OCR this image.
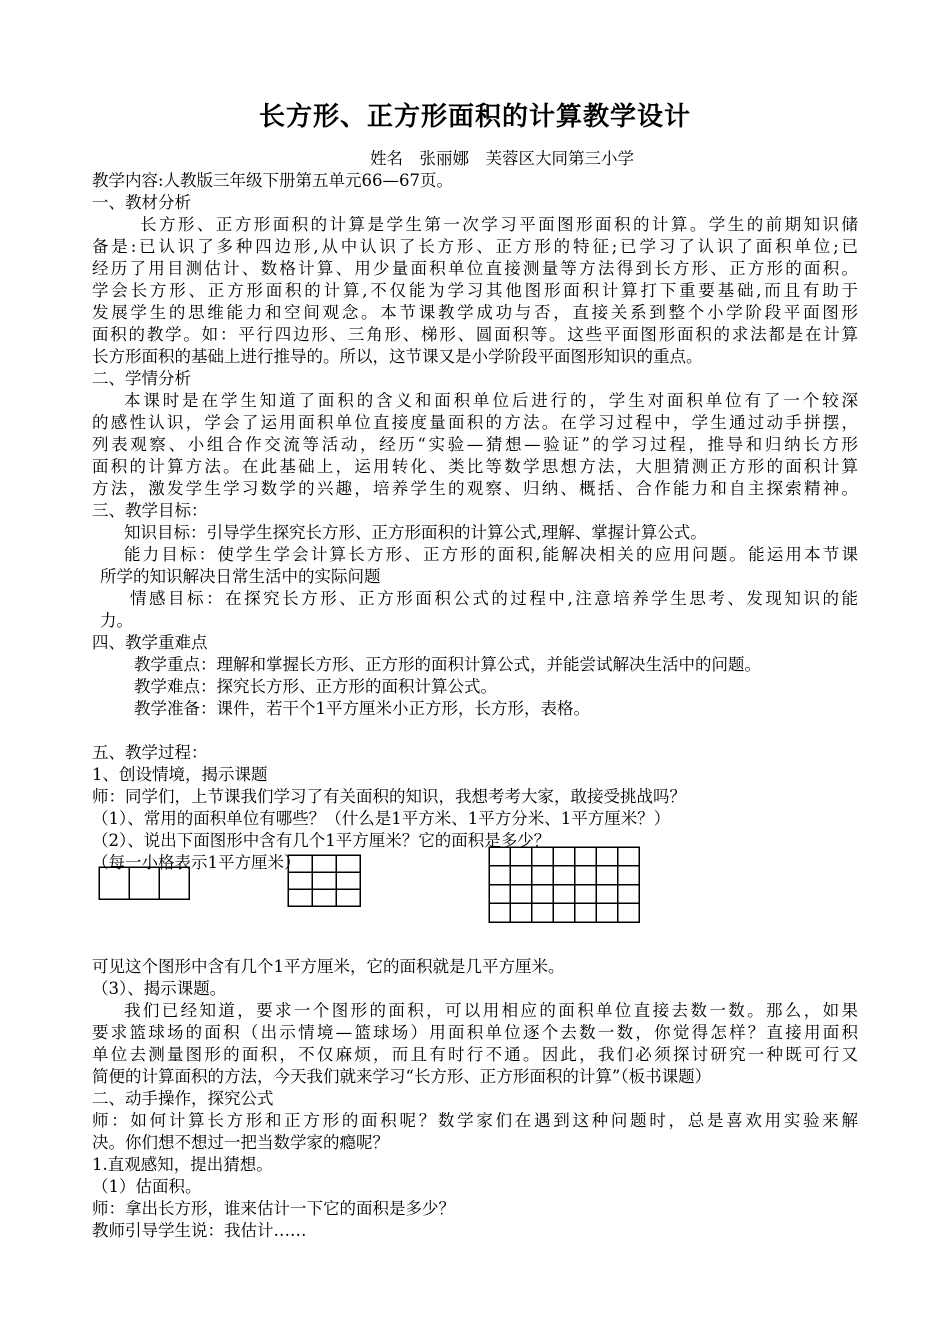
长方形、正方形面积的计算教学设计
姓名　张丽娜　芙蓉区大同第三小学
教学内容:人教版三年级下册第五单元66—67页。
一、教材分析
长方形、正方形面积的计算是学生第一次学习平面图形面积的计算。学生的前期知识储
备是:已认识了多种四边形,从中认识了长方形、正方形的特征;已学习了认识了面积单位;已
经历了用目测估计、数格计算、用少量面积单位直接测量等方法得到长方形、正方形的面积。
学会长方形、正方形面积的计算,不仅能为学习其他图形面积计算打下重要基础,而且有助于
发展学生的思维能力和空间观念。本节课教学成功与否，直接关系到整个小学阶段平面图形
面积的教学。如：平行四边形、三角形、梯形、圆面积等。这些平面图形面积的求法都是在计算
长方形面积的基础上进行推导的。所以，这节课又是小学阶段平面图形知识的重点。
二、学情分析
本课时是在学生知道了面积的含义和面积单位后进行的，学生对面积单位有了一个较深
的感性认识，学会了运用面积单位直接度量面积的方法。在学习过程中，学生通过动手拼摆，
列表观察、小组合作交流等活动，经历“实验—猜想—验证”的学习过程，推导和归纳长方形
面积的计算方法。在此基础上，运用转化、类比等数学思想方法，大胆猜测正方形的面积计算
方法，激发学生学习数学的兴趣，培养学生的观察、归纳、概括、合作能力和自主探索精神。
三、教学目标：
知识目标：引导学生探究长方形、正方形面积的计算公式,理解、掌握计算公式。
能力目标：使学生学会计算长方形、正方形的面积,能解决相关的应用问题。能运用本节课
所学的知识解决日常生活中的实际问题
情感目标：在探究长方形、正方形面积公式的过程中,注意培养学生思考、发现知识的能
力。
四、教学重难点
教学重点：理解和掌握长方形、正方形的面积计算公式，并能尝试解决生活中的问题。
教学难点：探究长方形、正方形的面积计算公式。
教学准备：课件，若干个1平方厘米小正方形，长方形，表格。
五、教学过程：
1、创设情境，揭示课题
师：同学们，上节课我们学习了有关面积的知识，我想考考大家，敢接受挑战吗？
（1）、常用的面积单位有哪些？（什么是1平方米、1平方分米、1平方厘米？）
（2）、说出下面图形中含有几个1平方厘米？它的面积是多少？
（每一小格表示1平方厘米）
可见这个图形中含有几个1平方厘米，它的面积就是几平方厘米。
（3）、揭示课题。
我们已经知道，要求一个图形的面积，可以用相应的面积单位直接去数一数。那么，如果
要求篮球场的面积（出示情境—篮球场）用面积单位逐个去数一数，你觉得怎样？直接用面积
单位去测量图形的面积，不仅麻烦，而且有时行不通。因此，我们必须探讨研究一种既可行又
简便的计算面积的方法，今天我们就来学习“长方形、正方形面积的计算”（板书课题）
二、动手操作，探究公式
师：如何计算长方形和正方形的面积呢？数学家们在遇到这种问题时，总是喜欢用实验来解
决。你们想不想过一把当数学家的瘾呢？
1.直观感知，提出猜想。
（1）估面积。
师：拿出长方形，谁来估计一下它的面积是多少？
教师引导学生说：我估计……
